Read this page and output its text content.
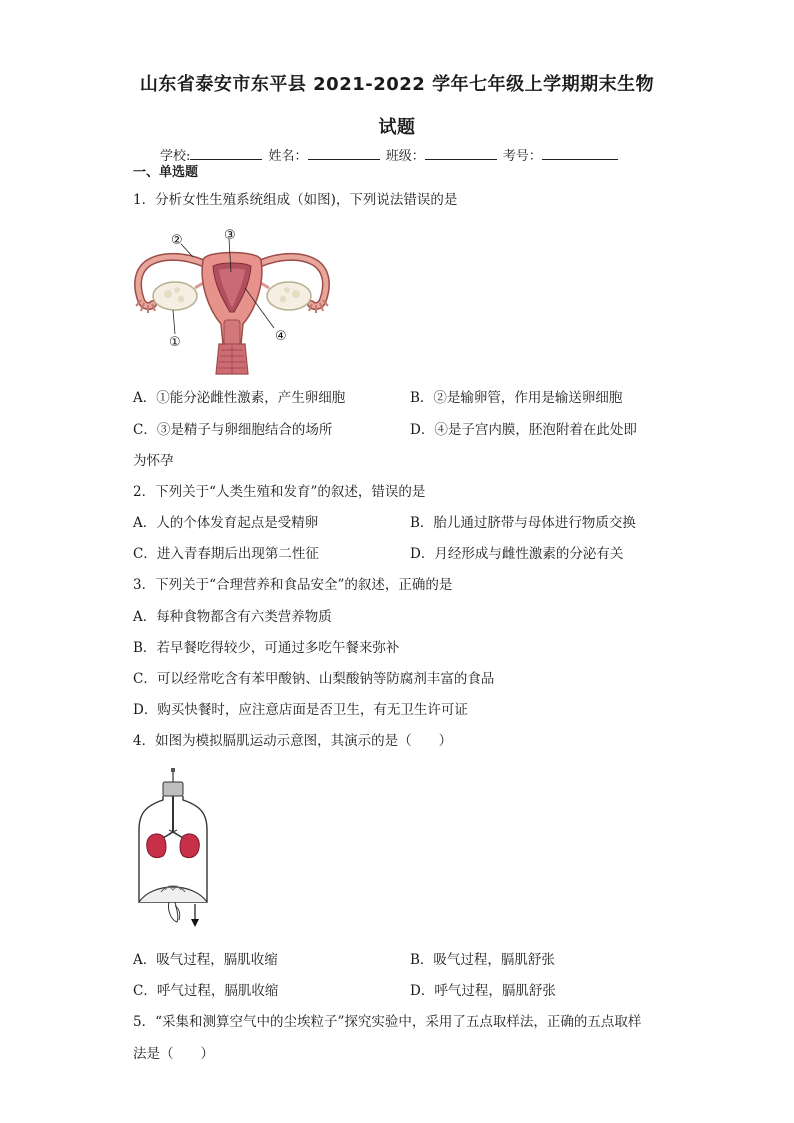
山东省泰安市东平县 2021-2022 学年七年级上学期期末生物
试题
学校:	姓名：	班级：	考号：
一、单选题
1．分析女性生殖系统组成（如图)，下列说法错误的是
②	③
④
①
A．①能分泌雌性激素，产生卵细胞	B．②是输卵管，作用是输送卵细胞
C．③是精子与卵细胞结合的场所	D．④是子宫内膜，胚泡附着在此处即
为怀孕
2．下列关于“人类生殖和发育”的叙述，错误的是
A．人的个体发育起点是受精卵	B．胎儿通过脐带与母体进行物质交换
C．进入青春期后出现第二性征	D．月经形成与雌性激素的分泌有关
3．下列关于“合理营养和食品安全”的叙述，正确的是
A．每种食物都含有六类营养物质
B．若早餐吃得较少，可通过多吃午餐来弥补
C．可以经常吃含有苯甲酸钠、山梨酸钠等防腐剂丰富的食品
D．购买快餐时，应注意店面是否卫生，有无卫生许可证
4．如图为模拟膈肌运动示意图，其演示的是（　　）
A．吸气过程，膈肌收缩	B．吸气过程，膈肌舒张
C．呼气过程，膈肌收缩	D．呼气过程，膈肌舒张
5．“采集和测算空气中的尘埃粒子”探究实验中，采用了五点取样法，正确的五点取样
法是（　　）
